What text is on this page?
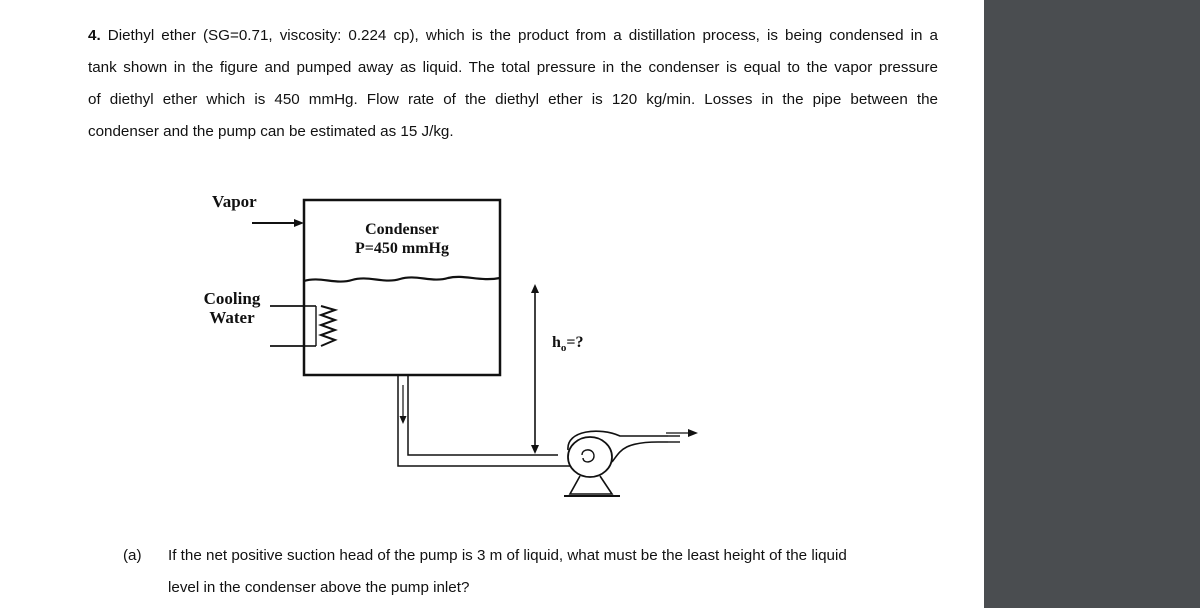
4. Diethyl ether (SG=0.71, viscosity: 0.224 cp), which is the product from a distillation process, is being condensed in a
tank shown in the figure and pumped away as liquid. The total pressure in the condenser is equal to the vapor pressure
of diethyl ether which is 450 mmHg. Flow rate of the diethyl ether is 120 kg/min. Losses in the pipe between the
condenser and the pump can be estimated as 15 J/kg.
Vapor
Condenser
P=450 mmHg
Cooling
Water
$h_o=$?
(a) If the net positive suction head of the pump is 3 m of liquid, what must be the least height of the liquid
level in the condenser above the pump inlet?
